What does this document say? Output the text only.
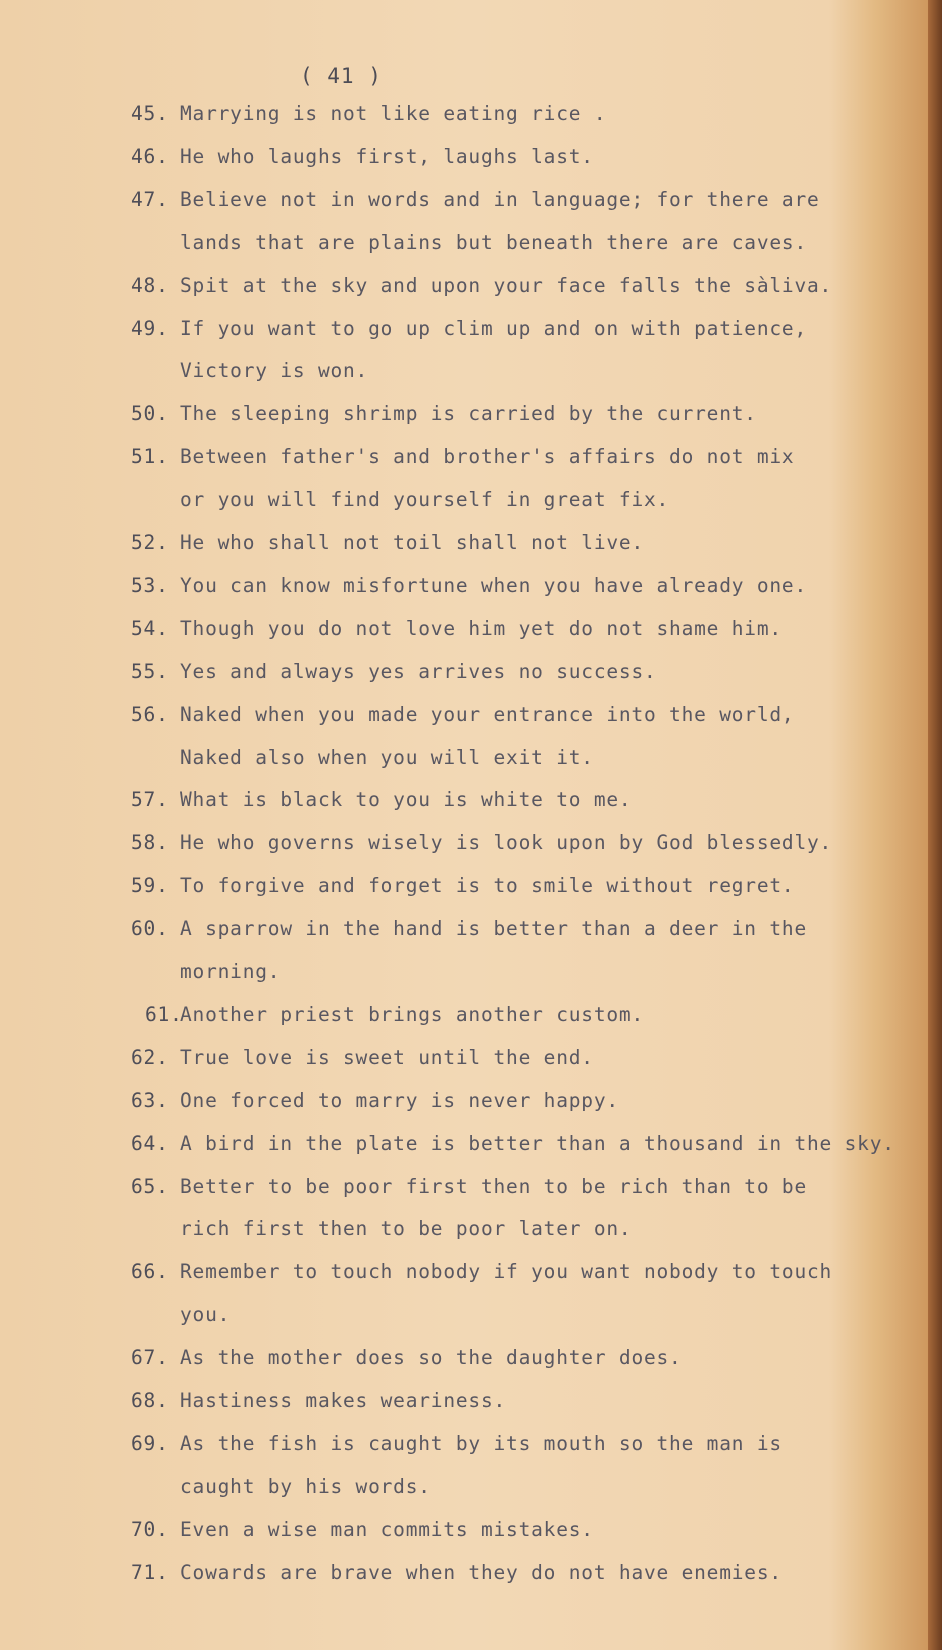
( 41 )
45. Marrying is not like eating rice .
46. He who laughs first, laughs last.
47. Believe not in words and in language; for there are
lands that are plains but beneath there are caves.
48. Spit at the sky and upon your face falls the sàliva.
49. If you want to go up clim up and on with patience,
Victory is won.
50. The sleeping shrimp is carried by the current.
51. Between father's and brother's affairs do not mix
or you will find yourself in great fix.
52. He who shall not toil shall not live.
53. You can know misfortune when you have already one.
54. Though you do not love him yet do not shame him.
55. Yes and always yes arrives no success.
56. Naked when you made your entrance into the world,
Naked also when you will exit it.
57. What is black to you is white to me.
58. He who governs wisely is look upon by God blessedly.
59. To forgive and forget is to smile without regret.
60. A sparrow in the hand is better than a deer in the
morning.
61.
Another priest brings another custom.
62. True love is sweet until the end.
63. One forced to marry is never happy.
64. A bird in the plate is better than a thousand in the sky.
65. Better to be poor first then to be rich than to be
rich first then to be poor later on.
66. Remember to touch nobody if you want nobody to touch
you.
67. As the mother does so the daughter does.
68. Hastiness makes weariness.
69. As the fish is caught by its mouth so the man is
caught by his words.
70. Even a wise man commits mistakes.
71. Cowards are brave when they do not have enemies.
